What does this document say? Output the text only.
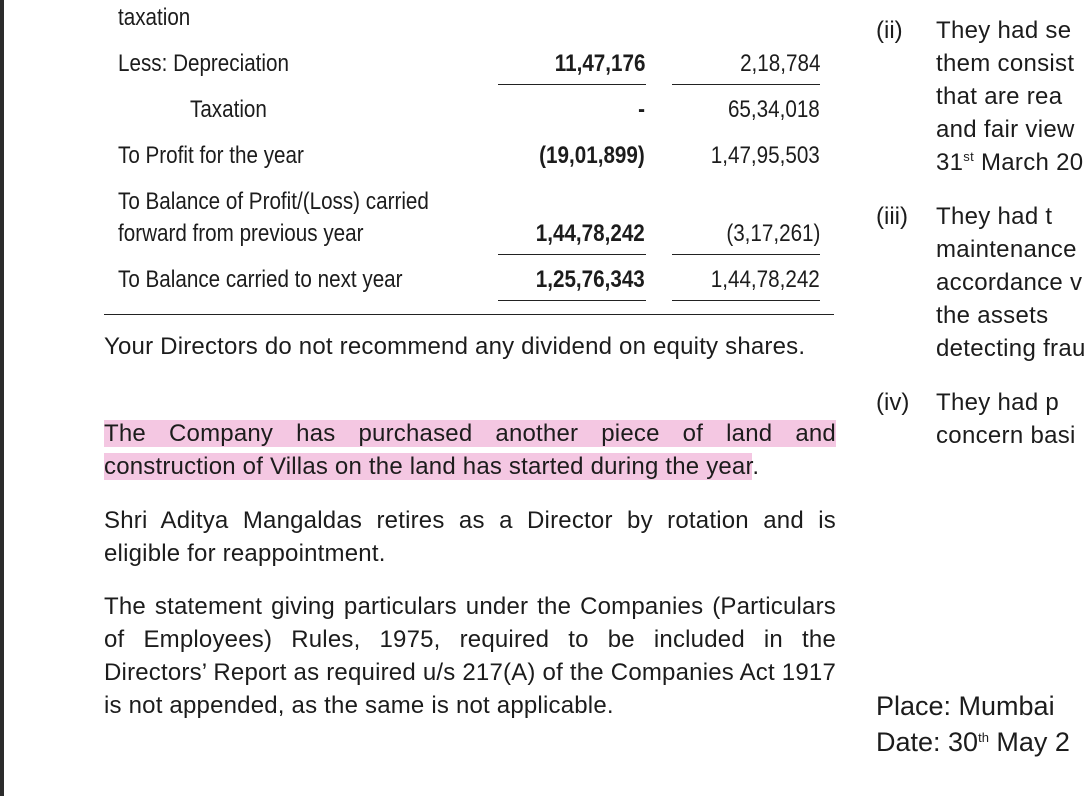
taxation
Less: Depreciation	11,47,176	2,18,784
Taxation	-	65,34,018
To Profit for the year	(19,01,899)	1,47,95,503
To Balance of Profit/(Loss) carried
forward from previous year	1,44,78,242	(3,17,261)
To Balance carried to next year	1,25,76,343	1,44,78,242
Your Directors do not recommend any dividend on equity shares.
The Company has purchased another piece of land and construction of Villas on the land has started during the year.
Shri Aditya Mangaldas retires as a Director by rotation and is eligible for reappointment.
The statement giving particulars under the Companies (Particulars of Employees) Rules, 1975, required to be included in the Directors’ Report as required u/s 217(A) of the Companies Act 1917 is not appended, as the same is not applicable.
(ii) They had se
them consist
that are rea
and fair view
31st March 20
(iii) They had t
maintenance
accordance v
the assets
detecting frau
(iv) They had p
concern basi
Place: Mumbai
Date: 30th May 2
